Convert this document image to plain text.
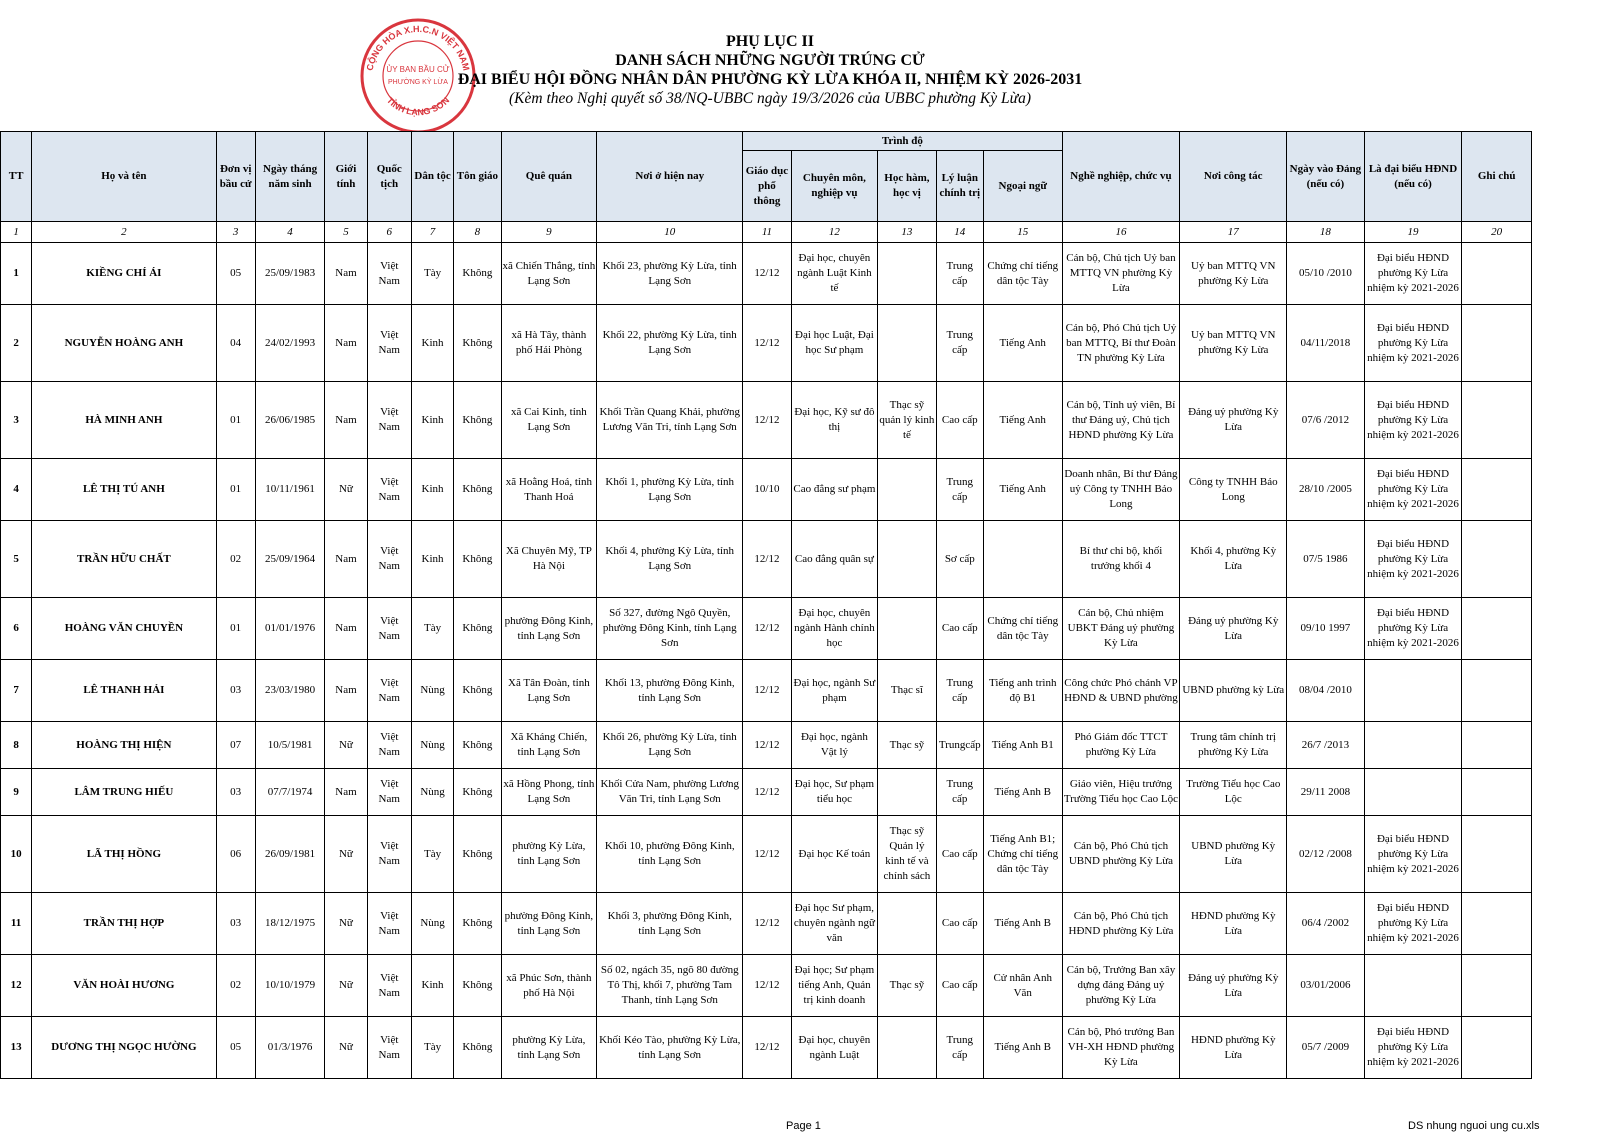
CỘNG HÒA X.H.C.N VIỆT NAM
ỦY BAN BẦU CỬ
PHƯỜNG KỲ LỪA
TỈNH LẠNG SƠN
PHỤ LỤC II
DANH SÁCH NHỮNG NGƯỜI TRÚNG CỬ
ĐẠI BIỂU HỘI ĐỒNG NHÂN DÂN PHƯỜNG KỲ LỪA KHÓA II, NHIỆM KỲ 2026-2031
(Kèm theo Nghị quyết số 38/NQ-UBBC ngày 19/3/2026 của UBBC phường Kỳ Lừa)
TT	Họ và tên	Đơn vị bầu cử	Ngày tháng năm sinh	Giới tính	Quốc tịch	Dân tộc	Tôn giáo	Quê quán	Nơi ở hiện nay	Trình độ					Nghề nghiệp, chức vụ	Nơi công tác	Ngày vào Đảng (nếu có)	Là đại biểu HĐND (nếu có)	Ghi chú
										Giáo dục phổ thông	Chuyên môn, nghiệp vụ	Học hàm, học vị	Lý luận chính trị	Ngoại ngữ					
1	2	3	4	5	6	7	8	9	10	11	12	13	14	15	16	17	18	19	20
1	KIỀNG CHÍ ÁI	05	25/09/1983	Nam	Việt Nam	Tày	Không	xã Chiến Thắng, tỉnh Lạng Sơn	Khối 23, phường Kỳ Lừa, tỉnh Lạng Sơn	12/12	Đại học, chuyên ngành Luật Kinh tế		Trung cấp	Chứng chỉ tiếng dân tộc Tày	Cán bộ, Chủ tịch Uỷ ban MTTQ VN phường Kỳ Lừa	Uỷ ban MTTQ VN phường Kỳ Lừa	05/10 /2010	Đại biểu HĐND phường Kỳ Lừa nhiệm kỳ 2021-2026	
2	NGUYỄN HOÀNG ANH	04	24/02/1993	Nam	Việt Nam	Kinh	Không	xã Hà Tây, thành phố Hải Phòng	Khối 22, phường Kỳ Lừa, tỉnh Lạng Sơn	12/12	Đại học Luật, Đại học Sư phạm		Trung cấp	Tiếng Anh	Cán bộ, Phó Chủ tịch Uỷ ban MTTQ, Bí thư Đoàn TN phường Kỳ Lừa	Uỷ ban MTTQ VN phường Kỳ Lừa	04/11/2018	Đại biểu HĐND phường Kỳ Lừa nhiệm kỳ 2021-2026	
3	HÀ MINH ANH	01	26/06/1985	Nam	Việt Nam	Kinh	Không	xã Cai Kinh, tỉnh Lạng Sơn	Khối Trần Quang Khải, phường Lương Văn Tri, tỉnh Lạng Sơn	12/12	Đại học, Kỹ sư đô thị	Thạc sỹ quản lý kinh tế	Cao cấp	Tiếng Anh	Cán bộ, Tỉnh uỷ viên, Bí thư Đảng uỷ, Chủ tịch HĐND phường Kỳ Lừa	Đảng uỷ phường Kỳ Lừa	07/6 /2012	Đại biểu HĐND phường Kỳ Lừa nhiệm kỳ 2021-2026	
4	LÊ THỊ TÚ ANH	01	10/11/1961	Nữ	Việt Nam	Kinh	Không	xã Hoằng Hoá, tỉnh Thanh Hoá	Khối 1, phường Kỳ Lừa, tỉnh Lạng Sơn	10/10	Cao đẳng sư phạm		Trung cấp	Tiếng Anh	Doanh nhân, Bí thư Đảng uỷ Công ty TNHH Bảo Long	Công ty TNHH Bảo Long	28/10 /2005	Đại biểu HĐND phường Kỳ Lừa nhiệm kỳ 2021-2026	
5	TRẦN HỮU CHẤT	02	25/09/1964	Nam	Việt Nam	Kinh	Không	Xã Chuyên Mỹ, TP Hà Nội	Khối 4, phường Kỳ Lừa, tỉnh Lạng Sơn	12/12	Cao đẳng quân sự		Sơ cấp		Bí thư chi bộ, khối trưởng khối 4	Khối 4, phường Kỳ Lừa	07/5 1986	Đại biểu HĐND phường Kỳ Lừa nhiệm kỳ 2021-2026	
6	HOÀNG VĂN CHUYỀN	01	01/01/1976	Nam	Việt Nam	Tày	Không	phường Đông Kinh, tỉnh Lạng Sơn	Số 327, đường Ngô Quyền, phường Đông Kinh, tỉnh Lạng Sơn	12/12	Đại học, chuyên ngành Hành chính học		Cao cấp	Chứng chỉ tiếng dân tộc Tày	Cán bộ, Chủ nhiệm UBKT Đảng uỷ phường Kỳ Lừa	Đảng uỷ phường Kỳ Lừa	09/10 1997	Đại biểu HĐND phường Kỳ Lừa nhiệm kỳ 2021-2026	
7	LÊ THANH HẢI	03	23/03/1980	Nam	Việt Nam	Nùng	Không	Xã Tân Đoàn, tỉnh Lạng Sơn	Khối 13, phường Đông Kinh, tỉnh Lạng Sơn	12/12	Đại học, ngành Sư phạm	Thạc sĩ	Trung cấp	Tiếng anh trình độ B1	Công chức Phó chánh VP HĐND & UBND phường	UBND phường kỳ Lừa	08/04 /2010		
8	HOÀNG THỊ HIỆN	07	10/5/1981	Nữ	Việt Nam	Nùng	Không	Xã Kháng Chiến, tỉnh Lạng Sơn	Khối 26, phường Kỳ Lừa, tỉnh Lạng Sơn	12/12	Đại học, ngành Vật lý	Thạc sỹ	Trungcấp	Tiếng Anh B1	Phó Giám đốc TTCT phường Kỳ Lừa	Trung tâm chính trị phường Kỳ Lừa	26/7 /2013		
9	LÂM TRUNG HIẾU	03	07/7/1974	Nam	Việt Nam	Nùng	Không	xã Hồng Phong, tỉnh Lạng Sơn	Khối Cửa Nam, phường Lương Văn Tri, tỉnh Lạng Sơn	12/12	Đại học, Sư phạm tiểu học		Trung cấp	Tiếng Anh B	Giáo viên, Hiệu trưởng Trường Tiểu học Cao Lộc	Trường Tiểu học Cao Lộc	29/11 2008		
10	LÃ THỊ HỒNG	06	26/09/1981	Nữ	Việt Nam	Tày	Không	phường Kỳ Lừa, tỉnh Lạng Sơn	Khối 10, phường Đông Kinh, tỉnh Lạng Sơn	12/12	Đại học Kế toán	Thạc sỹ Quản lý kinh tế và chính sách	Cao cấp	Tiếng Anh B1; Chứng chỉ tiếng dân tộc Tày	Cán bộ, Phó Chủ tịch UBND phường Kỳ Lừa	UBND phường Kỳ Lừa	02/12 /2008	Đại biểu HĐND phường Kỳ Lừa nhiệm kỳ 2021-2026	
11	TRẦN THỊ HỢP	03	18/12/1975	Nữ	Việt Nam	Nùng	Không	phường Đông Kinh, tỉnh Lạng Sơn	Khối 3, phường Đông Kinh, tỉnh Lạng Sơn	12/12	Đại học Sư phạm, chuyên ngành ngữ văn		Cao cấp	Tiếng Anh B	Cán bộ, Phó Chủ tịch HĐND phường Kỳ Lừa	HĐND phường Kỳ Lừa	06/4 /2002	Đại biểu HĐND phường Kỳ Lừa nhiệm kỳ 2021-2026	
12	VĂN HOÀI HƯƠNG	02	10/10/1979	Nữ	Việt Nam	Kinh	Không	xã Phúc Sơn, thành phố Hà Nội	Số 02, ngách 35, ngõ 80 đường Tô Thị, khối 7, phường Tam Thanh, tỉnh Lạng Sơn	12/12	Đại học; Sư phạm tiếng Anh, Quản trị kinh doanh	Thạc sỹ	Cao cấp	Cử nhân Anh Văn	Cán bộ, Trưởng Ban xây dựng đảng Đảng uỷ phường Kỳ Lừa	Đảng uỷ phường Kỳ Lừa	03/01/2006		
13	DƯƠNG THỊ NGỌC HƯỜNG	05	01/3/1976	Nữ	Việt Nam	Tày	Không	phường Kỳ Lừa, tỉnh Lạng Sơn	Khối Kéo Tào, phường Kỳ Lừa, tỉnh Lạng Sơn	12/12	Đại học, chuyên ngành Luật		Trung cấp	Tiếng Anh B	Cán bộ, Phó trưởng Ban VH-XH HĐND phường Kỳ Lừa	HĐND phường Kỳ Lừa	05/7 /2009	Đại biểu HĐND phường Kỳ Lừa nhiệm kỳ 2021-2026	
Page 1	DS nhung nguoi ung cu.xls
